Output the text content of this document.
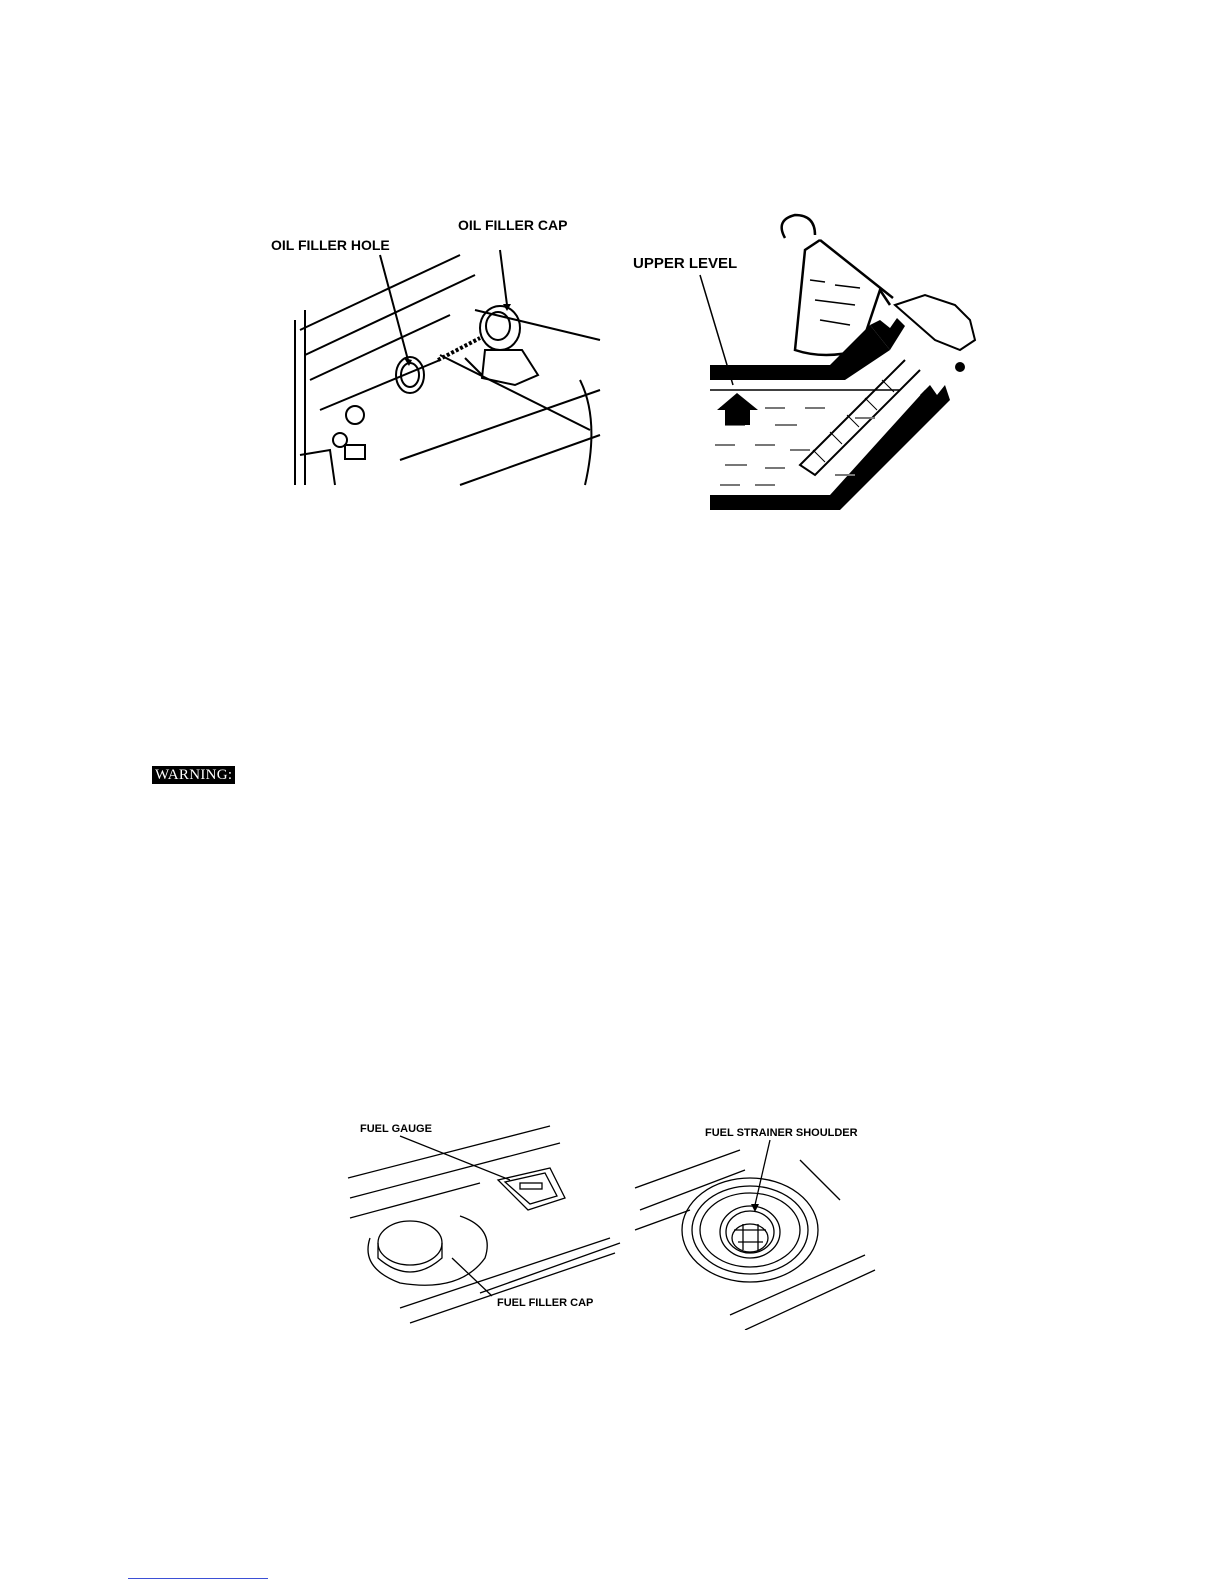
OIL FILLER HOLE
OIL FILLER CAP
UPPER LEVEL
WARNING:
FUEL GAUGE
FUEL FILLER CAP
FUEL STRAINER SHOULDER
